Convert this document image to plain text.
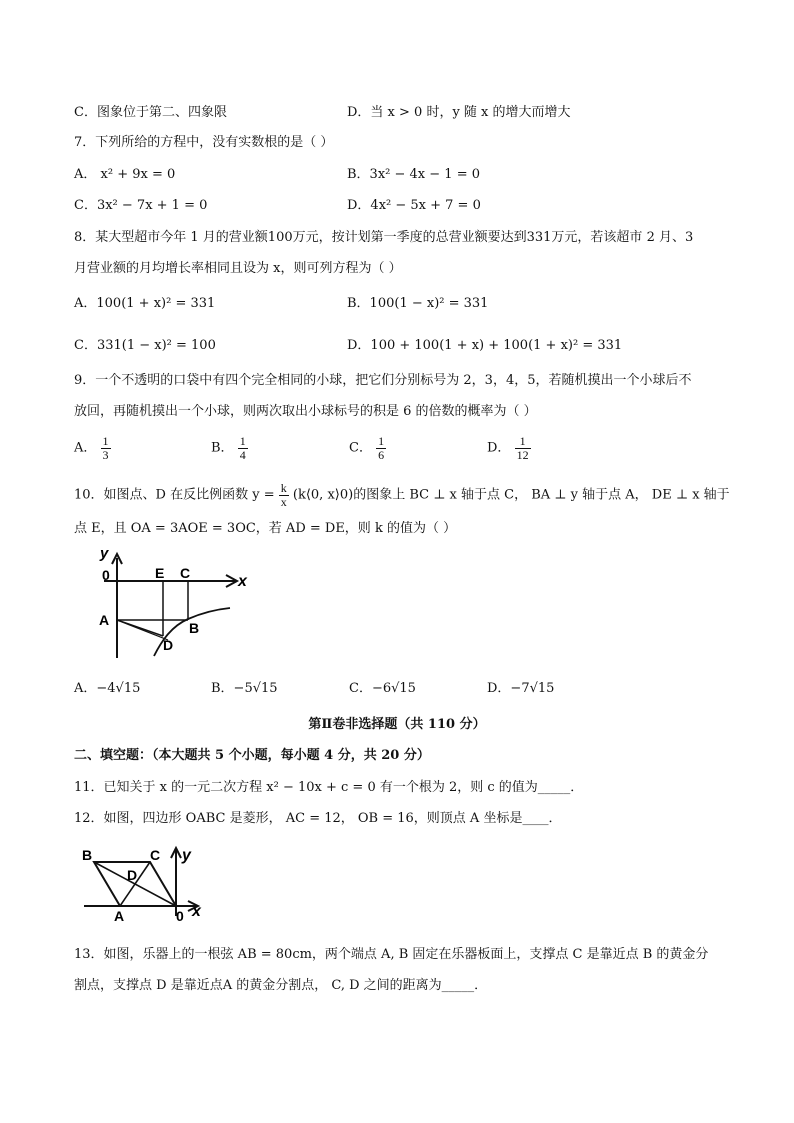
C．图象位于第二、四象限	D．当 x > 0 时，y 随 x 的增大而增大
7．下列所给的方程中，没有实数根的是（ ）
A． x² + 9x = 0	B．3x² − 4x − 1 = 0
C．3x² − 7x + 1 = 0	D．4x² − 5x + 7 = 0
8．某大型超市今年 1 月的营业额100万元，按计划第一季度的总营业额要达到331万元，若该超市 2 月、3
月营业额的月均增长率相同且设为 x，则可列方程为（ ）
A．100(1 + x)² = 331	B．100(1 − x)² = 331
C．331(1 − x)² = 100	D．100 + 100(1 + x) + 100(1 + x)² = 331
9．一个不透明的口袋中有四个完全相同的小球，把它们分别标号为 2，3，4，5，若随机摸出一个小球后不
放回，再随机摸出一个小球，则两次取出小球标号的积是 6 的倍数的概率为（ ）
A． $\frac{1}{3}$	B． $\frac{1}{4}$	C． $\frac{1}{6}$	D． $\frac{1}{12}$
10．如图点、D 在反比例函数 $y = \frac{k}{x}$ (k⟨0, x⟩0)的图象上 BC ⊥ x 轴于点 C， BA ⊥ y 轴于点 A， DE ⊥ x 轴于
点 E，且 OA = 3AOE = 3OC，若 AD = DE，则 k 的值为（ ）
y
0	E C	x
A	B
D
A．−4√15	B．−5√15	C．−6√15	D．−7√15
第Ⅱ卷非选择题（共 110 分）
二、填空题：（本大题共 5 个小题，每小题 4 分，共 20 分）
11．已知关于 x 的一元二次方程 x² − 10x + c = 0 有一个根为 2，则 c 的值为_____．
12．如图，四边形 OABC 是菱形， AC = 12， OB = 16，则顶点 A 坐标是____．
B	C
D
A	0 x
y
13．如图，乐器上的一根弦 AB = 80cm，两个端点 A, B 固定在乐器板面上，支撑点 C 是靠近点 B 的黄金分
割点，支撑点 D 是靠近点A 的黄金分割点， C, D 之间的距离为_____．
